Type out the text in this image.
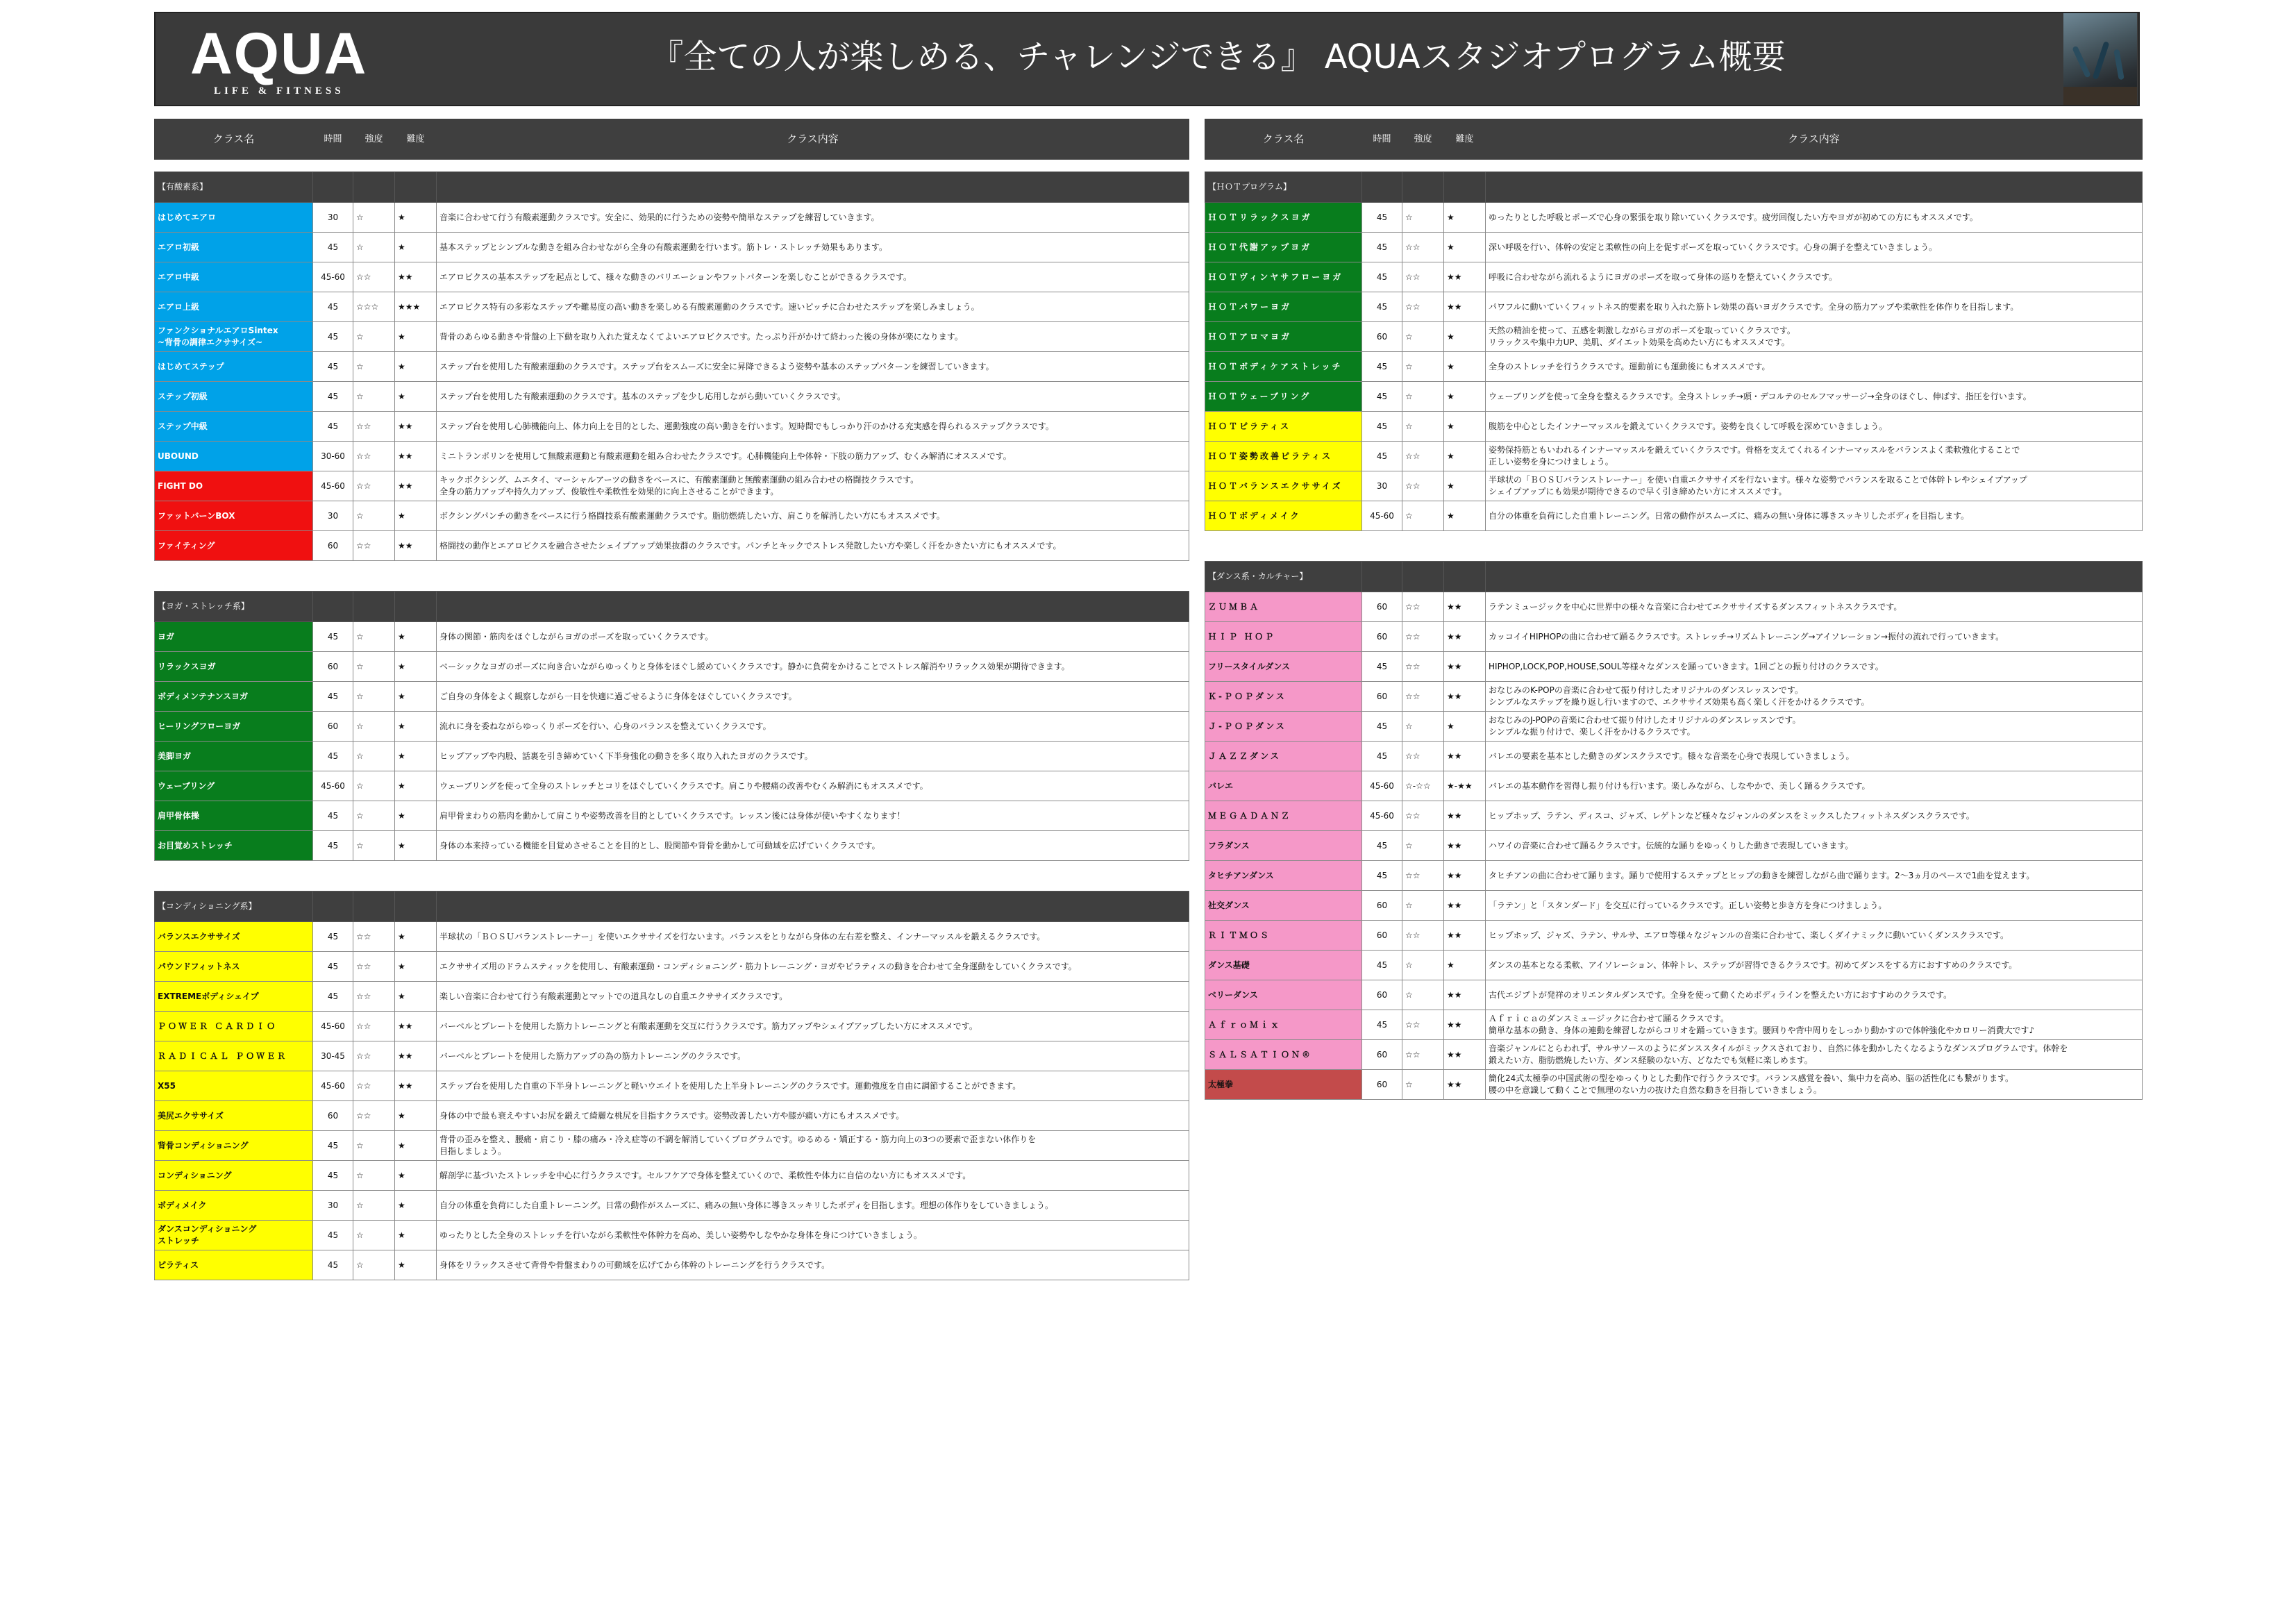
AQUA
LIFE & FITNESS
『全ての人が楽しめる、チャレンジできる』 AQUAスタジオプログラム概要
クラス名	時間	強度	難度	クラス内容

【有酸素系】				
はじめてエアロ	30	☆	★	音楽に合わせて行う有酸素運動クラスです。安全に、効果的に行うための姿勢や簡単なステップを練習していきます。
エアロ初級	45	☆	★	基本ステップとシンプルな動きを組み合わせながら全身の有酸素運動を行います。筋トレ・ストレッチ効果もあります。
エアロ中級	45-60	☆☆	★★	エアロビクスの基本ステップを起点として、様々な動きのバリエーションやフットパターンを楽しむことができるクラスです。
エアロ上級	45	☆☆☆	★★★	エアロビクス特有の多彩なステップや難易度の高い動きを楽しめる有酸素運動のクラスです。速いピッチに合わせたステップを楽しみましょう。
ファンクショナルエアロSintex
~背骨の調律エクササイズ~	45	☆	★	背骨のあらゆる動きや骨盤の上下動を取り入れた覚えなくてよいエアロビクスです。たっぷり汗がかけて終わった後の身体が楽になります。
はじめてステップ	45	☆	★	ステップ台を使用した有酸素運動のクラスです。ステップ台をスムーズに安全に昇降できるよう姿勢や基本のステップパターンを練習していきます。
ステップ初級	45	☆	★	ステップ台を使用した有酸素運動のクラスです。基本のステップを少し応用しながら動いていくクラスです。
ステップ中級	45	☆☆	★★	ステップ台を使用し心肺機能向上、体力向上を目的とした、運動強度の高い動きを行います。短時間でもしっかり汗のかける充実感を得られるステップクラスです。
UBOUND	30-60	☆☆	★★	ミニトランポリンを使用して無酸素運動と有酸素運動を組み合わせたクラスです。心肺機能向上や体幹・下肢の筋力アップ、むくみ解消にオススメです。
FIGHT DO	45-60	☆☆	★★	キックボクシング、ムエタイ、マーシャルアーツの動きをベースに、有酸素運動と無酸素運動の組み合わせの格闘技クラスです。
全身の筋力アップや持久力アップ、俊敏性や柔軟性を効果的に向上させることができます。
ファットバーンBOX	30	☆	★	ボクシングパンチの動きをベースに行う格闘技系有酸素運動クラスです。脂肪燃焼したい方、肩こりを解消したい方にもオススメです。
ファイティング	60	☆☆	★★	格闘技の動作とエアロビクスを融合させたシェイプアップ効果抜群のクラスです。パンチとキックでストレス発散したい方や楽しく汗をかきたい方にもオススメです。

【ヨガ・ストレッチ系】				
ヨガ	45	☆	★	身体の関節・筋肉をほぐしながらヨガのポーズを取っていくクラスです。
リラックスヨガ	60	☆	★	ベーシックなヨガのポーズに向き合いながらゆっくりと身体をほぐし緩めていくクラスです。静かに負荷をかけることでストレス解消やリラックス効果が期待できます。
ボディメンテナンスヨガ	45	☆	★	ご自身の身体をよく観察しながら一日を快適に過ごせるように身体をほぐしていくクラスです。
ヒーリングフローヨガ	60	☆	★	流れに身を委ねながらゆっくりポーズを行い、心身のバランスを整えていくクラスです。
美脚ヨガ	45	☆	★	ヒップアップや内股、話裏を引き締めていく下半身強化の動きを多く取り入れたヨガのクラスです。
ウェーブリング	45-60	☆	★	ウェーブリングを使って全身のストレッチとコリをほぐしていくクラスです。肩こりや腰痛の改善やむくみ解消にもオススメです。
肩甲骨体操	45	☆	★	肩甲骨まわりの筋肉を動かして肩こりや姿勢改善を目的としていくクラスです。レッスン後には身体が使いやすくなります！
お目覚めストレッチ	45	☆	★	身体の本来持っている機能を目覚めさせることを目的とし、股関節や背骨を動かして可動域を広げていくクラスです。

【コンディショニング系】				
バランスエクササイズ	45	☆☆	★	半球状の「ＢＯＳＵバランストレーナー」を使いエクササイズを行ないます。バランスをとりながら身体の左右差を整え、インナーマッスルを鍛えるクラスです。
パウンドフィットネス	45	☆☆	★	エクササイズ用のドラムスティックを使用し、有酸素運動・コンディショニング・筋力トレーニング・ヨガやピラティスの動きを合わせて全身運動をしていくクラスです。
EXTREMEボディシェイプ	45	☆☆	★	楽しい音楽に合わせて行う有酸素運動とマットでの道具なしの自重エクササイズクラスです。
ＰＯＷＥＲ ＣＡＲＤＩＯ	45-60	☆☆	★★	バーベルとプレートを使用した筋力トレーニングと有酸素運動を交互に行うクラスです。筋力アップやシェイプアップしたい方にオススメです。
ＲＡＤＩＣＡＬ ＰＯＷＥＲ	30-45	☆☆	★★	バーベルとプレートを使用した筋力アップの為の筋力トレーニングのクラスです。
X55	45-60	☆☆	★★	ステップ台を使用した自重の下半身トレーニングと軽いウエイトを使用した上半身トレーニングのクラスです。運動強度を自由に調節することができます。
美尻エクササイズ	60	☆☆	★	身体の中で最も衰えやすいお尻を鍛えて綺麗な桃尻を目指すクラスです。姿勢改善したい方や膝が痛い方にもオススメです。
背骨コンディショニング	45	☆	★	背骨の歪みを整え、腰痛・肩こり・膝の痛み・冷え症等の不調を解消していくプログラムです。ゆるめる・矯正する・筋力向上の3つの要素で歪まない体作りを
目指しましょう。
コンディショニング	45	☆	★	解剖学に基づいたストレッチを中心に行うクラスです。セルフケアで身体を整えていくので、柔軟性や体力に自信のない方にもオススメです。
ボディメイク	30	☆	★	自分の体重を負荷にした自重トレーニング。日常の動作がスムーズに、痛みの無い身体に導きスッキリしたボディを目指します。理想の体作りをしていきましょう。
ダンスコンディショニング
ストレッチ	45	☆	★	ゆったりとした全身のストレッチを行いながら柔軟性や体幹力を高め、美しい姿勢やしなやかな身体を身につけていきましょう。
ピラティス	45	☆	★	身体をリラックスさせて背骨や骨盤まわりの可動域を広げてから体幹のトレーニングを行うクラスです。
クラス名	時間	強度	難度	クラス内容

【ＨＯＴプログラム】				
ＨＯＴリラックスヨガ	45	☆	★	ゆったりとした呼吸とポーズで心身の緊張を取り除いていくクラスです。疲労回復したい方やヨガが初めての方にもオススメです。
ＨＯＴ代謝アップヨガ	45	☆☆	★	深い呼吸を行い、体幹の安定と柔軟性の向上を促すポーズを取っていくクラスです。心身の調子を整えていきましょう。
ＨＯＴヴィンヤサフローヨガ	45	☆☆	★★	呼吸に合わせながら流れるようにヨガのポーズを取って身体の巡りを整えていくクラスです。
ＨＯＴパワーヨガ	45	☆☆	★★	パワフルに動いていくフィットネス的要素を取り入れた筋トレ効果の高いヨガクラスです。全身の筋力アップや柔軟性を体作りを目指します。
ＨＯＴアロマヨガ	60	☆	★	天然の精油を使って、五感を刺激しながらヨガのポーズを取っていくクラスです。
リラックスや集中力UP、美肌、ダイエット効果を高めたい方にもオススメです。
ＨＯＴボディケアストレッチ	45	☆	★	全身のストレッチを行うクラスです。運動前にも運動後にもオススメです。
ＨＯＴウェーブリング	45	☆	★	ウェーブリングを使って全身を整えるクラスです。全身ストレッチ→頭・デコルテのセルフマッサージ→全身のほぐし、伸ばす、指圧を行います。
ＨＯＴピラティス	45	☆	★	腹筋を中心としたインナーマッスルを鍛えていくクラスです。姿勢を良くして呼吸を深めていきましょう。
ＨＯＴ姿勢改善ピラティス	45	☆☆	★	姿勢保持筋ともいわれるインナーマッスルを鍛えていくクラスです。骨格を支えてくれるインナーマッスルをバランスよく柔軟強化することで
正しい姿勢を身につけましょう。
ＨＯＴバランスエクササイズ	30	☆☆	★	半球状の「ＢＯＳＵバランストレーナー」を使い自重エクササイズを行ないます。様々な姿勢でバランスを取ることで体幹トレやシェイプアップ
シェイプアップにも効果が期待できるので早く引き締めたい方にオススメです。
ＨＯＴボディメイク	45-60	☆	★	自分の体重を負荷にした自重トレーニング。日常の動作がスムーズに、痛みの無い身体に導きスッキリしたボディを目指します。

【ダンス系・カルチャー】				
ＺＵＭＢＡ	60	☆☆	★★	ラテンミュージックを中心に世界中の様々な音楽に合わせてエクササイズするダンスフィットネスクラスです。
ＨＩＰ ＨＯＰ	60	☆☆	★★	カッコイイHIPHOPの曲に合わせて踊るクラスです。ストレッチ→リズムトレーニング→アイソレーション→振付の流れで行っていきます。
フリースタイルダンス	45	☆☆	★★	HIPHOP,LOCK,POP,HOUSE,SOUL等様々なダンスを踊っていきます。1回ごとの振り付けのクラスです。
Ｋ-ＰＯＰダンス	60	☆☆	★★	おなじみのK-POPの音楽に合わせて振り付けしたオリジナルのダンスレッスンです。
シンプルなステップを繰り返し行いますので、エクササイズ効果も高く楽しく汗をかけるクラスです。
Ｊ-ＰＯＰダンス	45	☆	★	おなじみのJ-POPの音楽に合わせて振り付けしたオリジナルのダンスレッスンです。
シンプルな振り付けで、楽しく汗をかけるクラスです。
ＪＡＺＺダンス	45	☆☆	★★	バレエの要素を基本とした動きのダンスクラスです。様々な音楽を心身で表現していきましょう。
バレエ	45-60	☆-☆☆	★-★★	バレエの基本動作を習得し振り付けも行います。楽しみながら、しなやかで、美しく踊るクラスです。
ＭＥＧＡＤＡＮＺ	45-60	☆☆	★★	ヒップホップ、ラテン、ディスコ、ジャズ、レゲトンなど様々なジャンルのダンスをミックスしたフィットネスダンスクラスです。
フラダンス	45	☆	★★	ハワイの音楽に合わせて踊るクラスです。伝統的な踊りをゆっくりした動きで表現していきます。
タヒチアンダンス	45	☆☆	★★	タヒチアンの曲に合わせて踊ります。踊りで使用するステップとヒップの動きを練習しながら曲で踊ります。2～3ヵ月のペースで1曲を覚えます。
社交ダンス	60	☆	★★	「ラテン」と「スタンダード」を交互に行っているクラスです。正しい姿勢と歩き方を身につけましょう。
ＲＩＴＭＯＳ	60	☆☆	★★	ヒップホップ、ジャズ、ラテン、サルサ、エアロ等様々なジャンルの音楽に合わせて、楽しくダイナミックに動いていくダンスクラスです。
ダンス基礎	45	☆	★	ダンスの基本となる柔軟、アイソレーション、体幹トレ、ステップが習得できるクラスです。初めてダンスをする方におすすめのクラスです。
ベリーダンス	60	☆	★★	古代エジプトが発祥のオリエンタルダンスです。全身を使って動くためボディラインを整えたい方におすすめのクラスです。
ＡｆｒｏＭｉｘ	45	☆☆	★★	Ａｆｒｉｃａのダンスミュージックに合わせて踊るクラスです。
簡単な基本の動き、身体の連動を練習しながらコリオを踊っていきます。腰回りや背中周りをしっかり動かすので体幹強化やカロリー消費大です♪
ＳＡＬＳＡＴＩＯＮ®	60	☆☆	★★	音楽ジャンルにとらわれず、サルサソースのようにダンススタイルがミックスされており、自然に体を動かしたくなるようなダンスプログラムです。体幹を
鍛えたい方、脂肪燃焼したい方、ダンス経験のない方、どなたでも気軽に楽しめます。
太極拳	60	☆	★★	簡化24式太極拳の中国武術の型をゆっくりとした動作で行うクラスです。バランス感覚を養い、集中力を高め、脳の活性化にも繋がります。
腰の中を意識して動くことで無理のない力の抜けた自然な動きを目指していきましょう。
